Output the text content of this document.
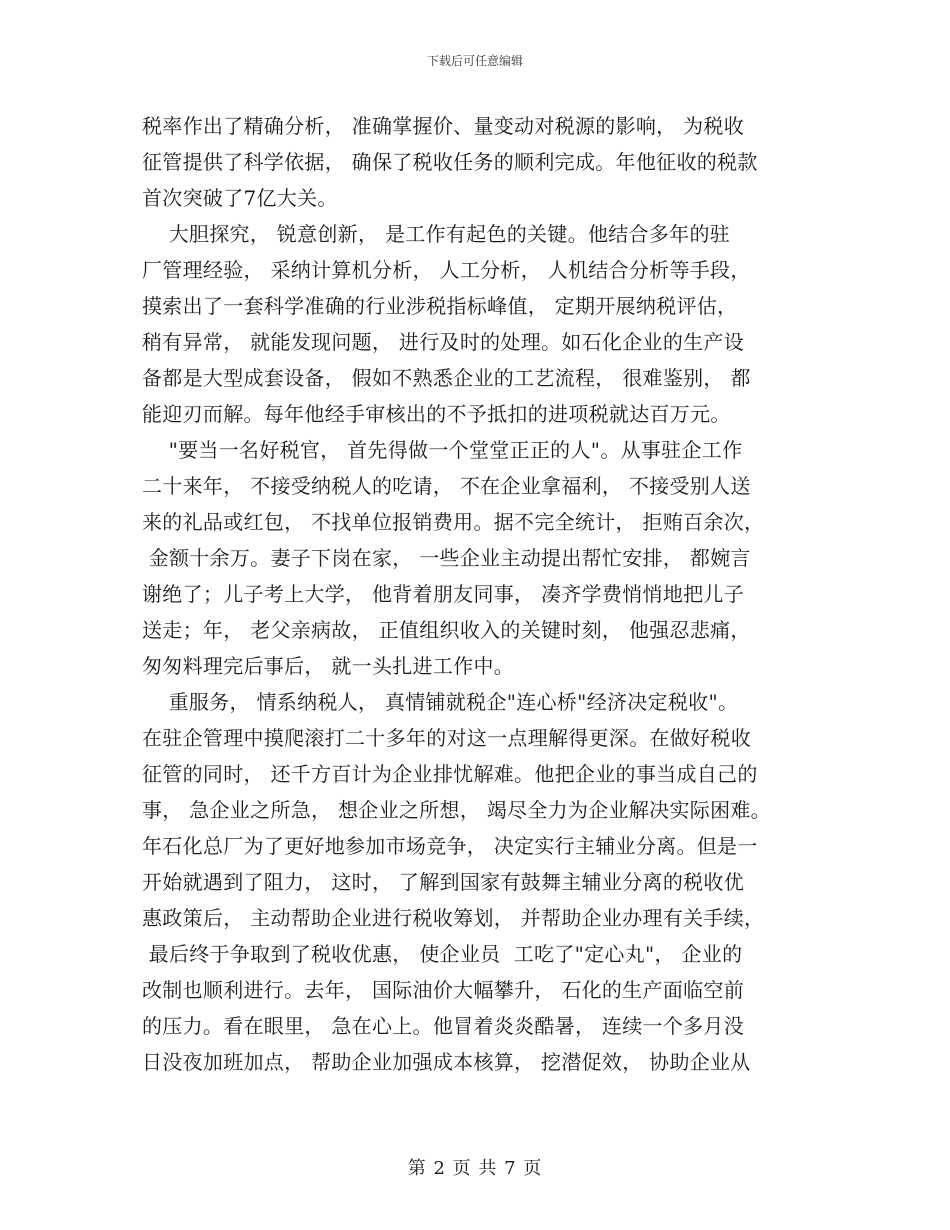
下载后可任意编辑
税率作出了精确分析， 准确掌握价、量变动对税源的影响， 为税收
征管提供了科学依据， 确保了税收任务的顺利完成。年他征收的税款
首次突破了7亿大关。
大胆探究， 锐意创新， 是工作有起色的关键。他结合多年的驻
厂管理经验， 采纳计算机分析， 人工分析， 人机结合分析等手段，
摸索出了一套科学准确的行业涉税指标峰值， 定期开展纳税评估，
稍有异常， 就能发现问题， 进行及时的处理。如石化企业的生产设
备都是大型成套设备， 假如不熟悉企业的工艺流程， 很难鉴别， 都
能迎刃而解。每年他经手审核出的不予抵扣的进项税就达百万元。
"要当一名好税官， 首先得做一个堂堂正正的人"。从事驻企工作
二十来年， 不接受纳税人的吃请， 不在企业拿福利， 不接受别人送
来的礼品或红包， 不找单位报销费用。据不完全统计， 拒贿百余次，
金额十余万。妻子下岗在家， 一些企业主动提出帮忙安排， 都婉言
谢绝了；儿子考上大学， 他背着朋友同事， 凑齐学费悄悄地把儿子
送走；年， 老父亲病故， 正值组织收入的关键时刻， 他强忍悲痛，
匆匆料理完后事后， 就一头扎进工作中。
重服务， 情系纳税人， 真情铺就税企"连心桥"经济决定税收"。
在驻企管理中摸爬滚打二十多年的对这一点理解得更深。在做好税收
征管的同时， 还千方百计为企业排忧解难。他把企业的事当成自己的
事， 急企业之所急， 想企业之所想， 竭尽全力为企业解决实际困难。
年石化总厂为了更好地参加市场竞争， 决定实行主辅业分离。但是一
开始就遇到了阻力， 这时， 了解到国家有鼓舞主辅业分离的税收优
惠政策后， 主动帮助企业进行税收筹划， 并帮助企业办理有关手续，
最后终于争取到了税收优惠， 使企业员  工吃了"定心丸"， 企业的
改制也顺利进行。去年， 国际油价大幅攀升， 石化的生产面临空前
的压力。看在眼里， 急在心上。他冒着炎炎酷暑， 连续一个多月没
日没夜加班加点， 帮助企业加强成本核算， 挖潜促效， 协助企业从
第 2 页 共 7 页
